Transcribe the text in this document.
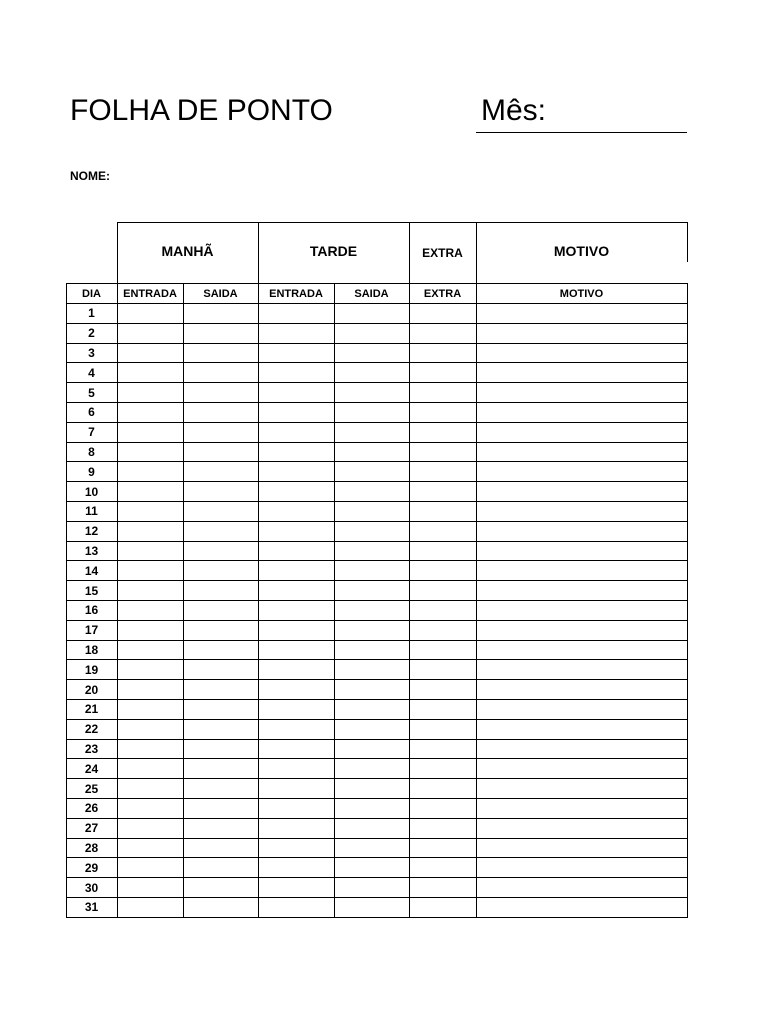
FOLHA DE PONTO	Mês:
NOME:
MANHÃ	TARDE	EXTRA	MOTIVO
DIA	ENTRADA	SAIDA	ENTRADA	SAIDA	EXTRA	MOTIVO
1
2
3
4
5
6
7
8
9
10
11
12
13
14
15
16
17
18
19
20
21
22
23
24
25
26
27
28
29
30
31
